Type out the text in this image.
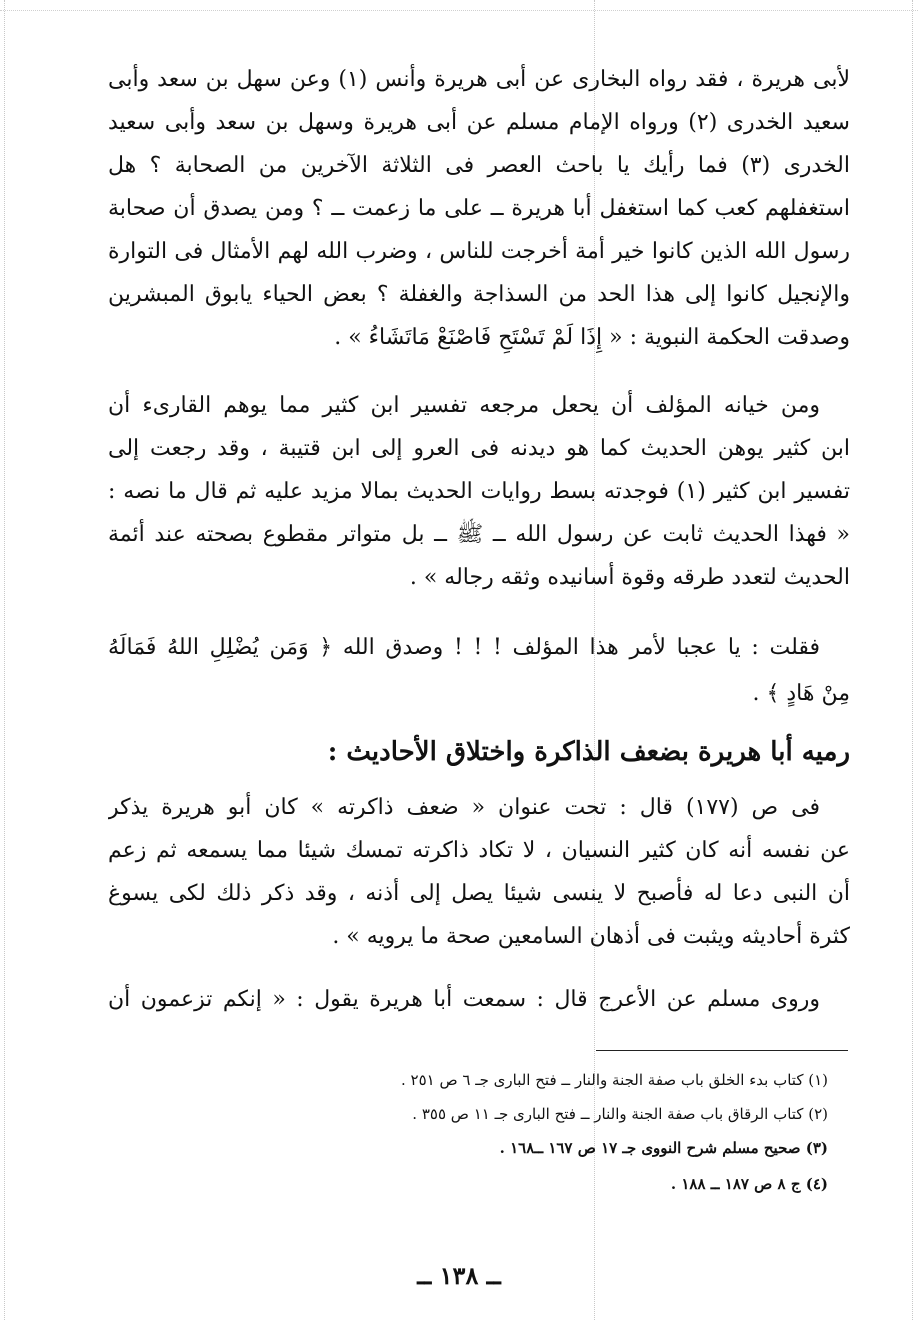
لأبى هريرة ، فقد رواه البخارى عن أبى هريرة وأنس (١) وعن سهل بن سعد وأبى
سعيد الخدرى (٢) ورواه الإمام مسلم عن أبى هريرة وسهل بن سعد وأبى سعيد
الخدرى (٣) فما رأيك يا باحث العصر فى الثلاثة الآخرين من الصحابة ؟ هل
استغفلهم كعب كما استغفل أبا هريرة ــ على ما زعمت ــ ؟ ومن يصدق أن صحابة
رسول الله الذين كانوا خير أمة أخرجت للناس ، وضرب الله لهم الأمثال فى التوارة
والإنجيل كانوا إلى هذا الحد من السذاجة والغفلة ؟ بعض الحياء يابوق المبشرين
وصدقت الحكمة النبوية : « إِذَا لَمْ تَسْتَحِ فَاصْنَعْ مَاتَشَاءُ » .
ومن خيانه المؤلف أن يحعل مرجعه تفسير ابن كثير مما يوهم القارىء أن
ابن كثير يوهن الحديث كما هو ديدنه فى العرو إلى ابن قتيبة ، وقد رجعت إلى
تفسير ابن كثير (١) فوجدته بسط روايات الحديث بمالا مزيد عليه ثم قال ما نصه :
« فهذا الحديث ثابت عن رسول الله ــ ﷺ ــ بل متواتر مقطوع بصحته عند أئمة
الحديث لتعدد طرقه وقوة أسانيده وثقه رجاله » .
فقلت : يا عجبا لأمر هذا المؤلف ! ! ! وصدق الله ﴿ وَمَن يُضْلِلِ اللهُ فَمَالَهُ
مِنْ هَادٍ ﴾ .
رميه أبا هريرة بضعف الذاكرة واختلاق الأحاديث :
فى ص (١٧٧) قال : تحت عنوان « ضعف ذاكرته » كان أبو هريرة يذكر
عن نفسه أنه كان كثير النسيان ، لا تكاد ذاكرته تمسك شيئا مما يسمعه ثم زعم
أن النبى دعا له فأصبح لا ينسى شيئا يصل إلى أذنه ، وقد ذكر ذلك لكى يسوغ
كثرة أحاديثه ويثبت فى أذهان السامعين صحة ما يرويه » .
وروى مسلم عن الأعرج قال : سمعت أبا هريرة يقول : « إنكم تزعمون أن
(١) كتاب بدء الخلق باب صفة الجنة والنار ــ فتح البارى جـ ٦ ص ٢٥١ .
(٢) كتاب الرقاق باب صفة الجنة والنار ــ فتح البارى جـ ١١ ص ٣٥٥ .
(٣) صحيح مسلم شرح النووى جـ ١٧ ص ١٦٧ ــ١٦٨ .
(٤) ج ٨ ص ١٨٧ ــ ١٨٨ .
ــ ١٣٨ ــ
